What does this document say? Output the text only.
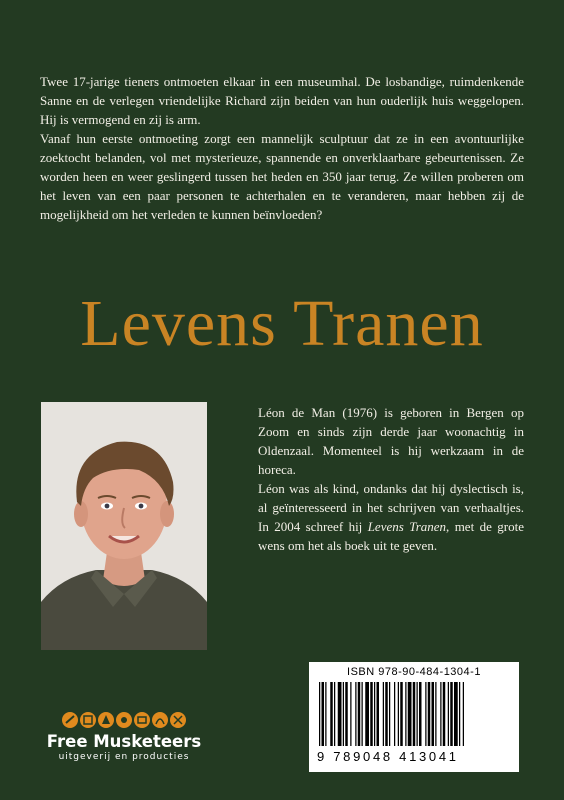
Twee 17-jarige tieners ontmoeten elkaar in een museumhal. De losbandige, ruimdenkende Sanne en de verlegen vriendelijke Richard zijn beiden van hun ouderlijk huis weggelopen. Hij is vermogend en zij is arm.

Vanaf hun eerste ontmoeting zorgt een mannelijk sculptuur dat ze in een avontuurlijke zoektocht belanden, vol met mysterieuze, spannende en onverklaarbare gebeurtenissen. Ze worden heen en weer geslingerd tussen het heden en 350 jaar terug. Ze willen proberen om het leven van een paar personen te achterhalen en te veranderen, maar hebben zij de mogelijkheid om het verleden te kunnen beïnvloeden?

Levens Tranen

Léon de Man (1976) is geboren in Bergen op Zoom en sinds zijn derde jaar woonachtig in Oldenzaal. Momenteel is hij werkzaam in de horeca.

Léon was als kind, ondanks dat hij dyslectisch is, al geïnteresseerd in het schrijven van verhaaltjes. In 2004 schreef hij Levens Tranen, met de grote wens om het als boek uit te geven.

ISBN 978-90-484-1304-1
9 789048 413041
Free Musketeers
uitgeverij en producties
